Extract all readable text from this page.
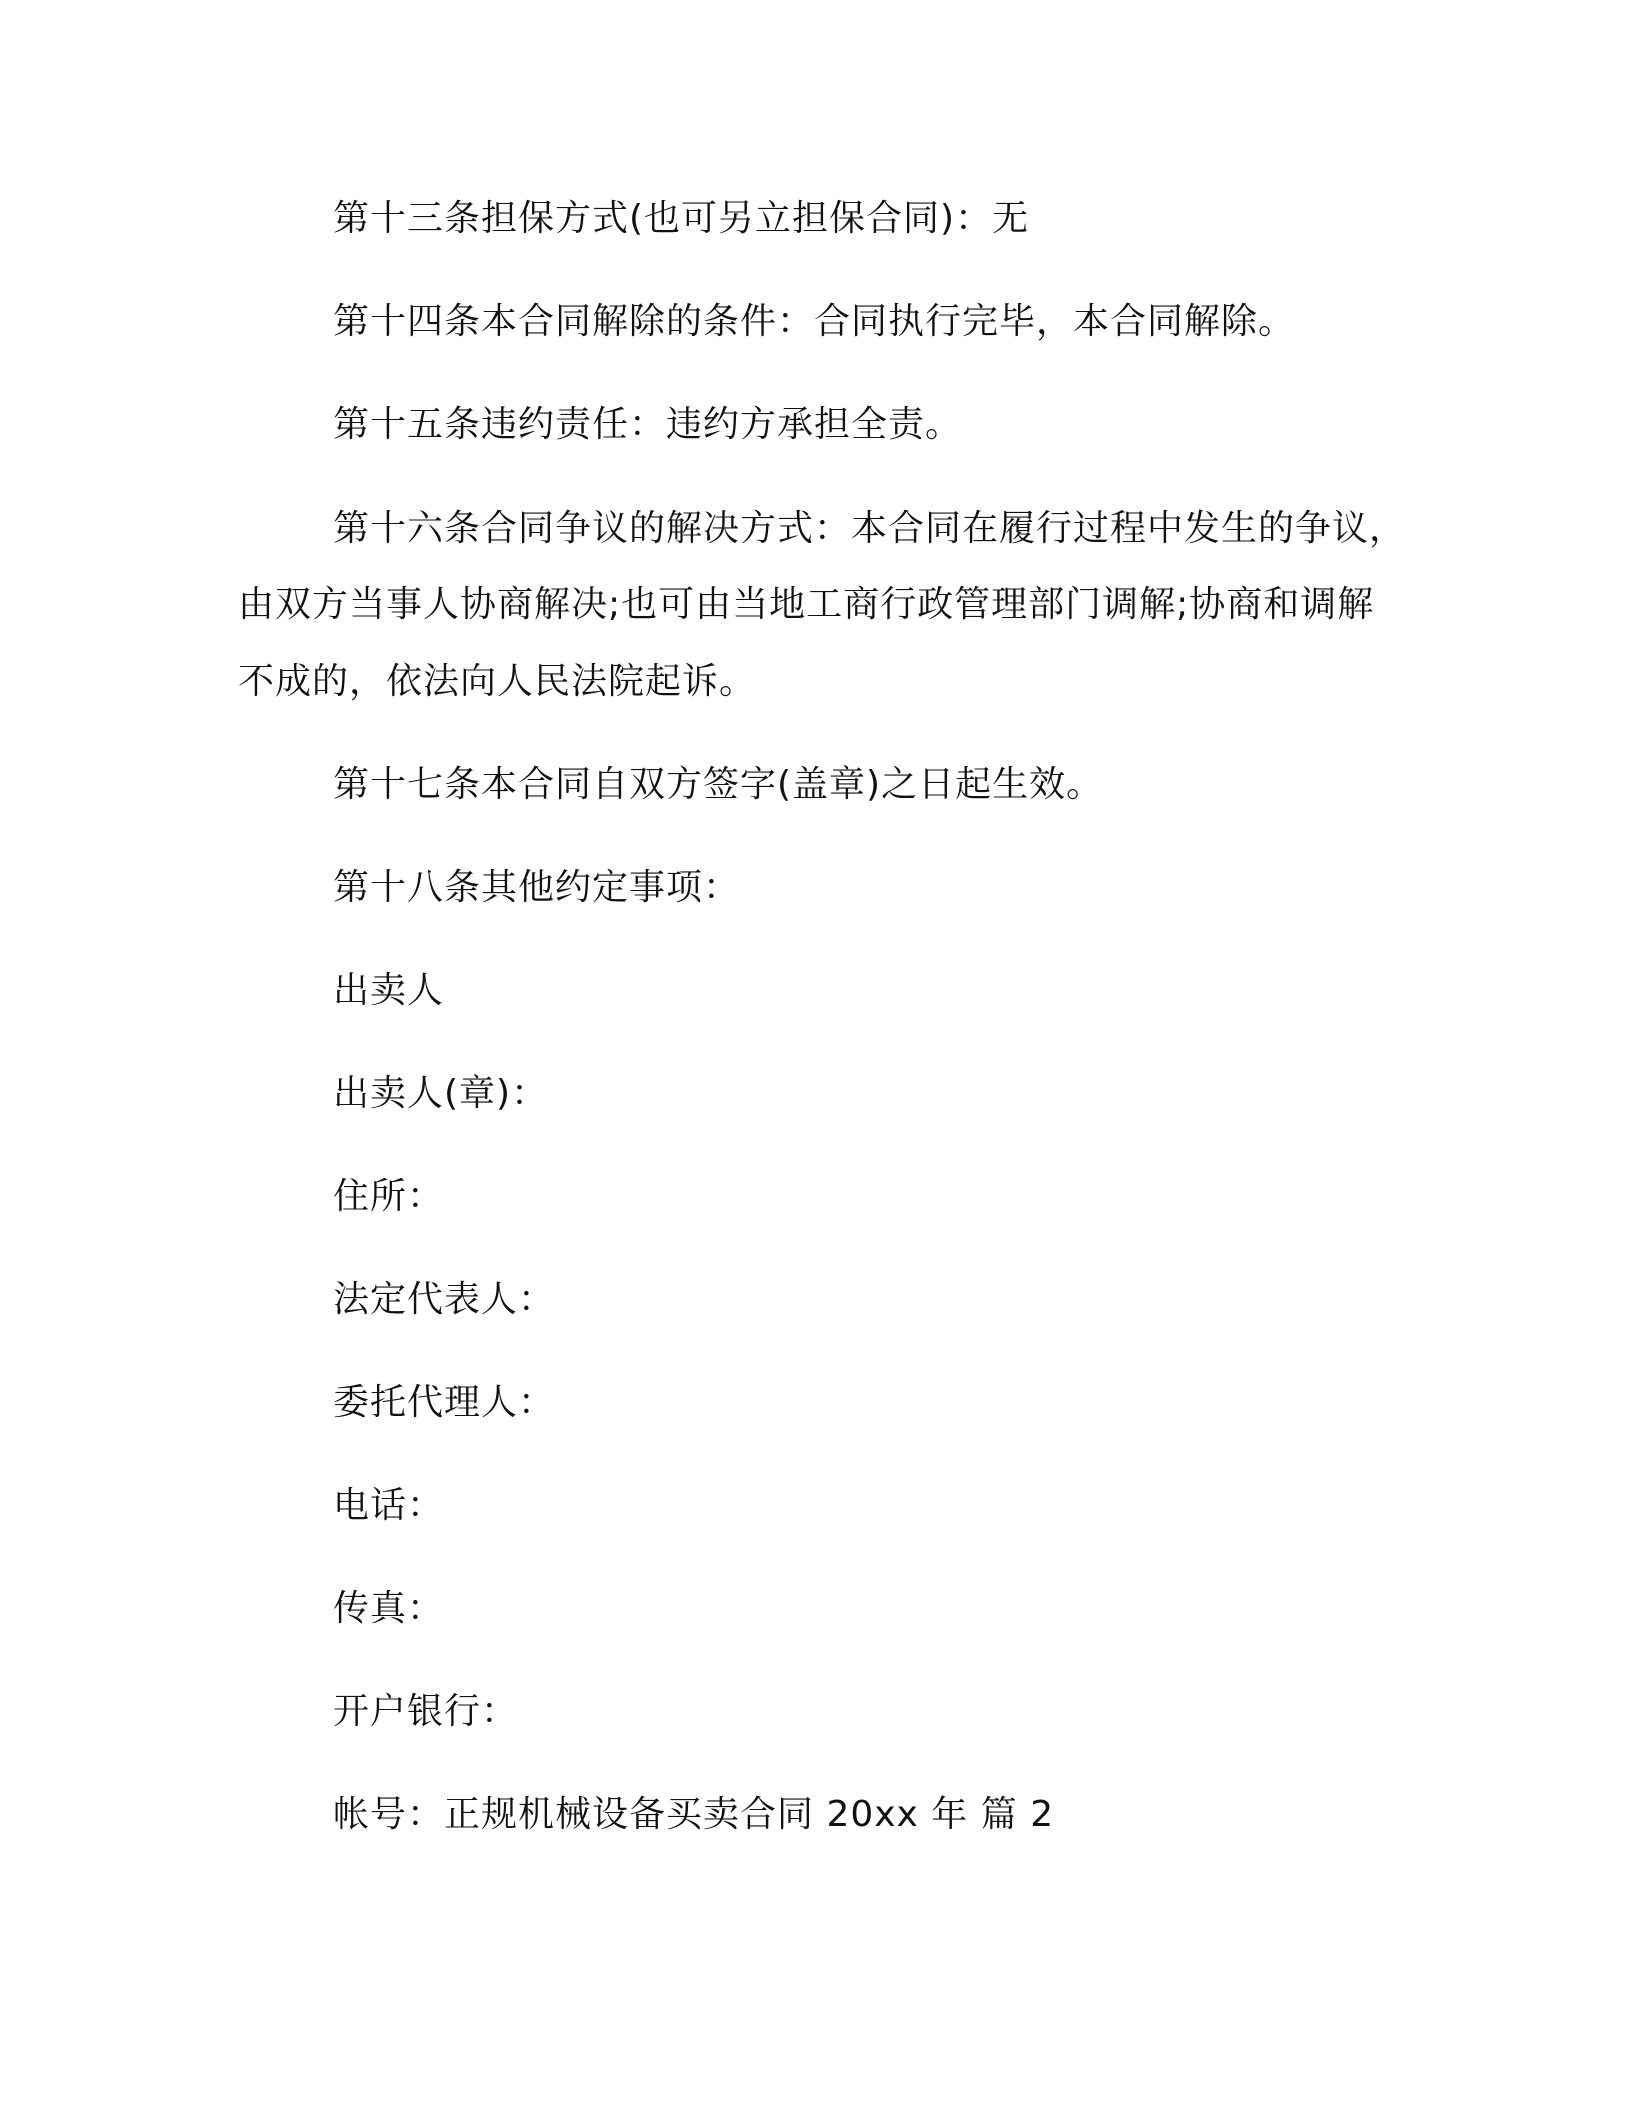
第十三条担保方式(也可另立担保合同)：无
第十四条本合同解除的条件：合同执行完毕，本合同解除。
第十五条违约责任：违约方承担全责。
第十六条合同争议的解决方式：本合同在履行过程中发生的争议，
由双方当事人协商解决;也可由当地工商行政管理部门调解;协商和调解
不成的，依法向人民法院起诉。
第十七条本合同自双方签字(盖章)之日起生效。
第十八条其他约定事项：
出卖人
出卖人(章)：
住所：
法定代表人：
委托代理人：
电话：
传真：
开户银行：
帐号：正规机械设备买卖合同 20xx 年 篇 2
